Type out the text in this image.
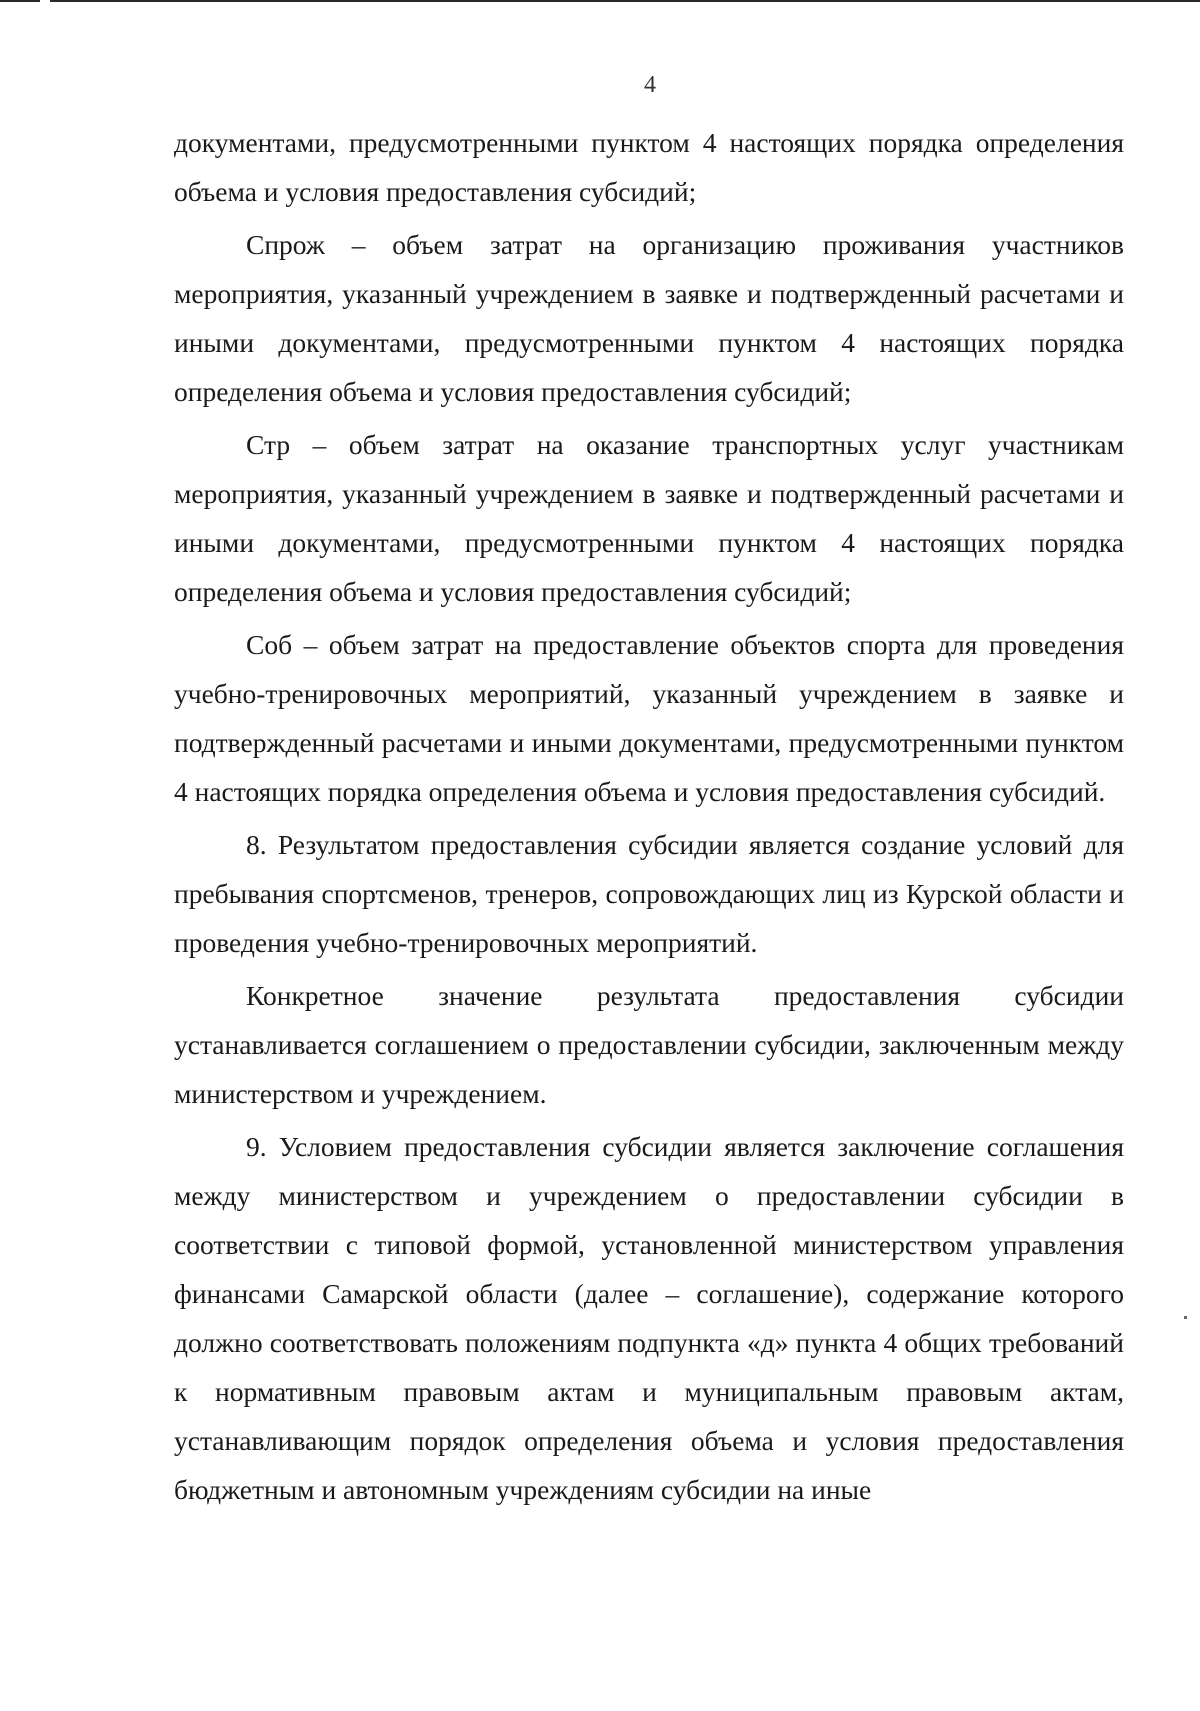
4

документами, предусмотренными пунктом 4 настоящих порядка определения объема и условия предоставления субсидий;

Спрож – объем затрат на организацию проживания участников мероприятия, указанный учреждением в заявке и подтвержденный расчетами и иными документами, предусмотренными пунктом 4 настоящих порядка определения объема и условия предоставления субсидий;

Стр – объем затрат на оказание транспортных услуг участникам мероприятия, указанный учреждением в заявке и подтвержденный расчетами и иными документами, предусмотренными пунктом 4 настоящих порядка определения объема и условия предоставления субсидий;

Соб – объем затрат на предоставление объектов спорта для проведения учебно-тренировочных мероприятий, указанный учреждением в заявке и подтвержденный расчетами и иными документами, предусмотренными пунктом 4 настоящих порядка определения объема и условия предоставления субсидий.

8. Результатом предоставления субсидии является создание условий для пребывания спортсменов, тренеров, сопровождающих лиц из Курской области и проведения учебно-тренировочных мероприятий.

Конкретное значение результата предоставления субсидии устанавливается соглашением о предоставлении субсидии, заключенным между министерством и учреждением.

9. Условием предоставления субсидии является заключение соглашения между министерством и учреждением о предоставлении субсидии в соответствии с типовой формой, установленной министерством управления финансами Самарской области (далее – соглашение), содержание которого должно соответствовать положениям подпункта «д» пункта 4 общих требований к нормативным правовым актам и муниципальным правовым актам, устанавливающим порядок определения объема и условия предоставления бюджетным и автономным учреждениям субсидии на иные
